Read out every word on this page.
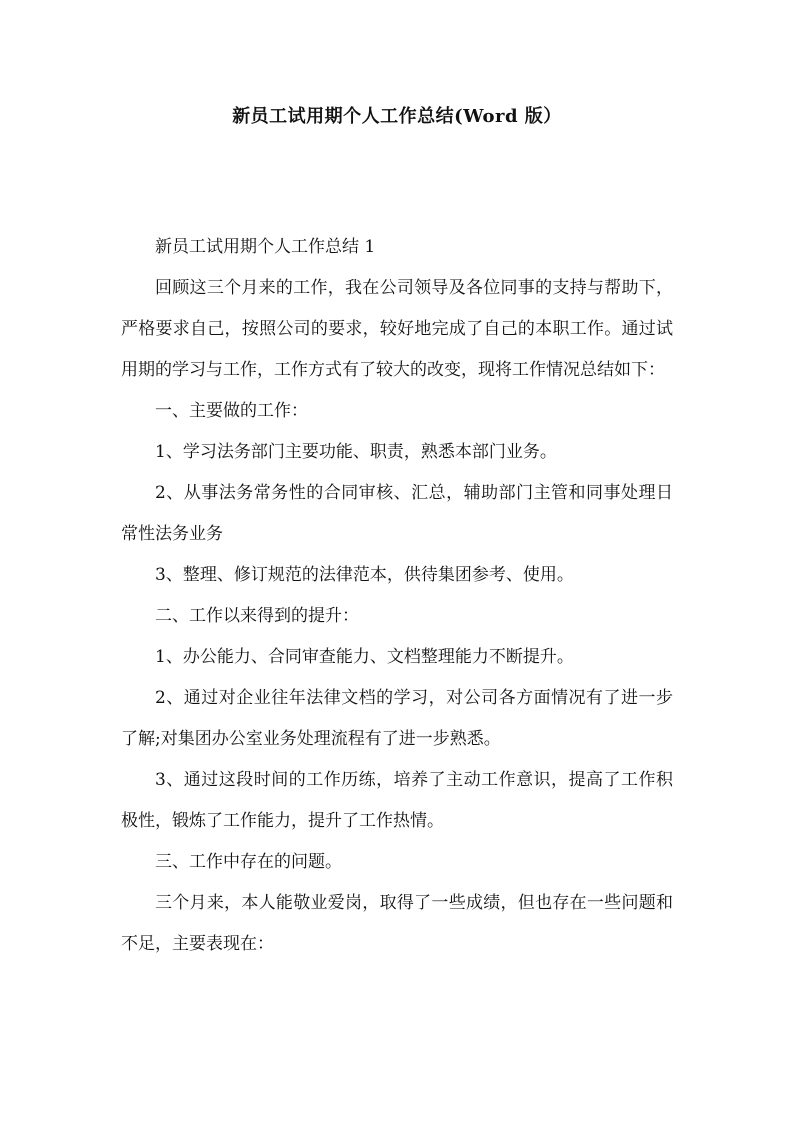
新员工试用期个人工作总结(Word 版）

新员工试用期个人工作总结 1

回顾这三个月来的工作，我在公司领导及各位同事的支持与帮助下，严格要求自己，按照公司的要求，较好地完成了自己的本职工作。通过试用期的学习与工作，工作方式有了较大的改变，现将工作情况总结如下：

一、主要做的工作：

1、学习法务部门主要功能、职责，熟悉本部门业务。

2、从事法务常务性的合同审核、汇总，辅助部门主管和同事处理日常性法务业务

3、整理、修订规范的法律范本，供待集团参考、使用。

二、工作以来得到的提升：

1、办公能力、合同审查能力、文档整理能力不断提升。

2、通过对企业往年法律文档的学习，对公司各方面情况有了进一步了解;对集团办公室业务处理流程有了进一步熟悉。

3、通过这段时间的工作历练，培养了主动工作意识，提高了工作积极性，锻炼了工作能力，提升了工作热情。

三、工作中存在的问题。

三个月来，本人能敬业爱岗，取得了一些成绩，但也存在一些问题和不足，主要表现在：
